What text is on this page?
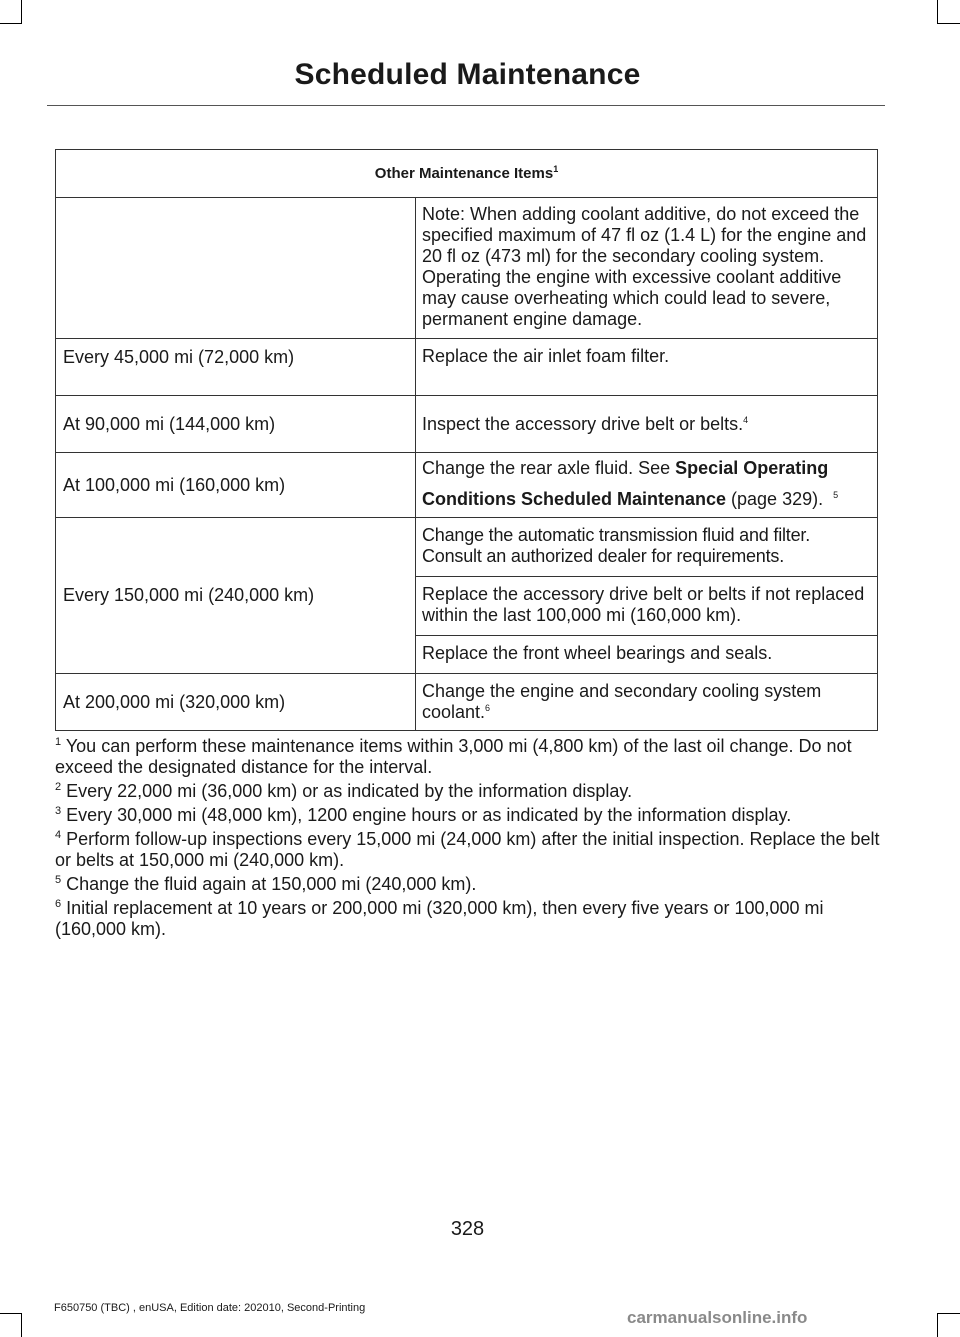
Scheduled Maintenance
Other Maintenance Items$^1$
	Note: When adding coolant additive, do not exceed the specified maximum of 47 fl oz (1.4 L) for the engine and 20 fl oz (473 ml) for the secondary cooling system. Operating the engine with excessive coolant additive may cause overheating which could lead to severe, permanent engine damage.
Every 45,000 mi (72,000 km)	Replace the air inlet foam filter.
At 90,000 mi (144,000 km)	Inspect the accessory drive belt or belts.$^4$
At 100,000 mi (160,000 km)	Change the rear axle fluid. See Special Operating Conditions Scheduled Maintenance (page 329). $^5$
Every 150,000 mi (240,000 km)	Change the automatic transmission fluid and filter. Consult an authorized dealer for requirements.
	Replace the accessory drive belt or belts if not replaced within the last 100,000 mi (160,000 km).
	Replace the front wheel bearings and seals.
At 200,000 mi (320,000 km)	Change the engine and secondary cooling system coolant.$^6$

$^1$ You can perform these maintenance items within 3,000 mi (4,800 km) of the last oil change. Do not exceed the designated distance for the interval.

$^2$ Every 22,000 mi (36,000 km) or as indicated by the information display.

$^3$ Every 30,000 mi (48,000 km), 1200 engine hours or as indicated by the information display.

$^4$ Perform follow-up inspections every 15,000 mi (24,000 km) after the initial inspection. Replace the belt or belts at 150,000 mi (240,000 km).

$^5$ Change the fluid again at 150,000 mi (240,000 km).

$^6$ Initial replacement at 10 years or 200,000 mi (320,000 km), then every five years or 100,000 mi (160,000 km).

328
F650750 (TBC) , enUSA, Edition date: 202010, Second-Printing	carmanualsonline.info
